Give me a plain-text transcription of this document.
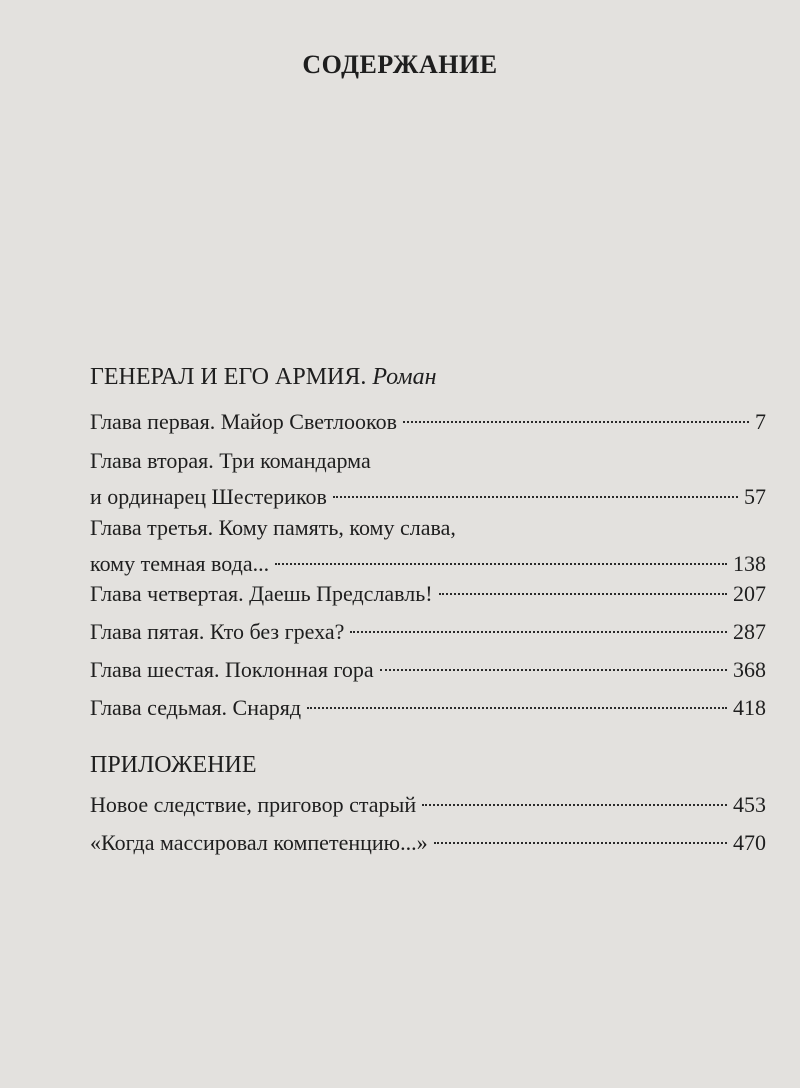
СОДЕРЖАНИЕ
ГЕНЕРАЛ И ЕГО АРМИЯ. Роман
Глава первая. Майор Светлооков	7
Глава вторая. Три командарма
и ординарец Шестериков	57
Глава третья. Кому память, кому слава,
кому темная вода...	138
Глава четвертая. Даешь Предславль!	207
Глава пятая. Кто без греха?	287
Глава шестая. Поклонная гора	368
Глава седьмая. Снаряд	418
ПРИЛОЖЕНИЕ
Новое следствие, приговор старый	453
«Когда массировал компетенцию...»	470
